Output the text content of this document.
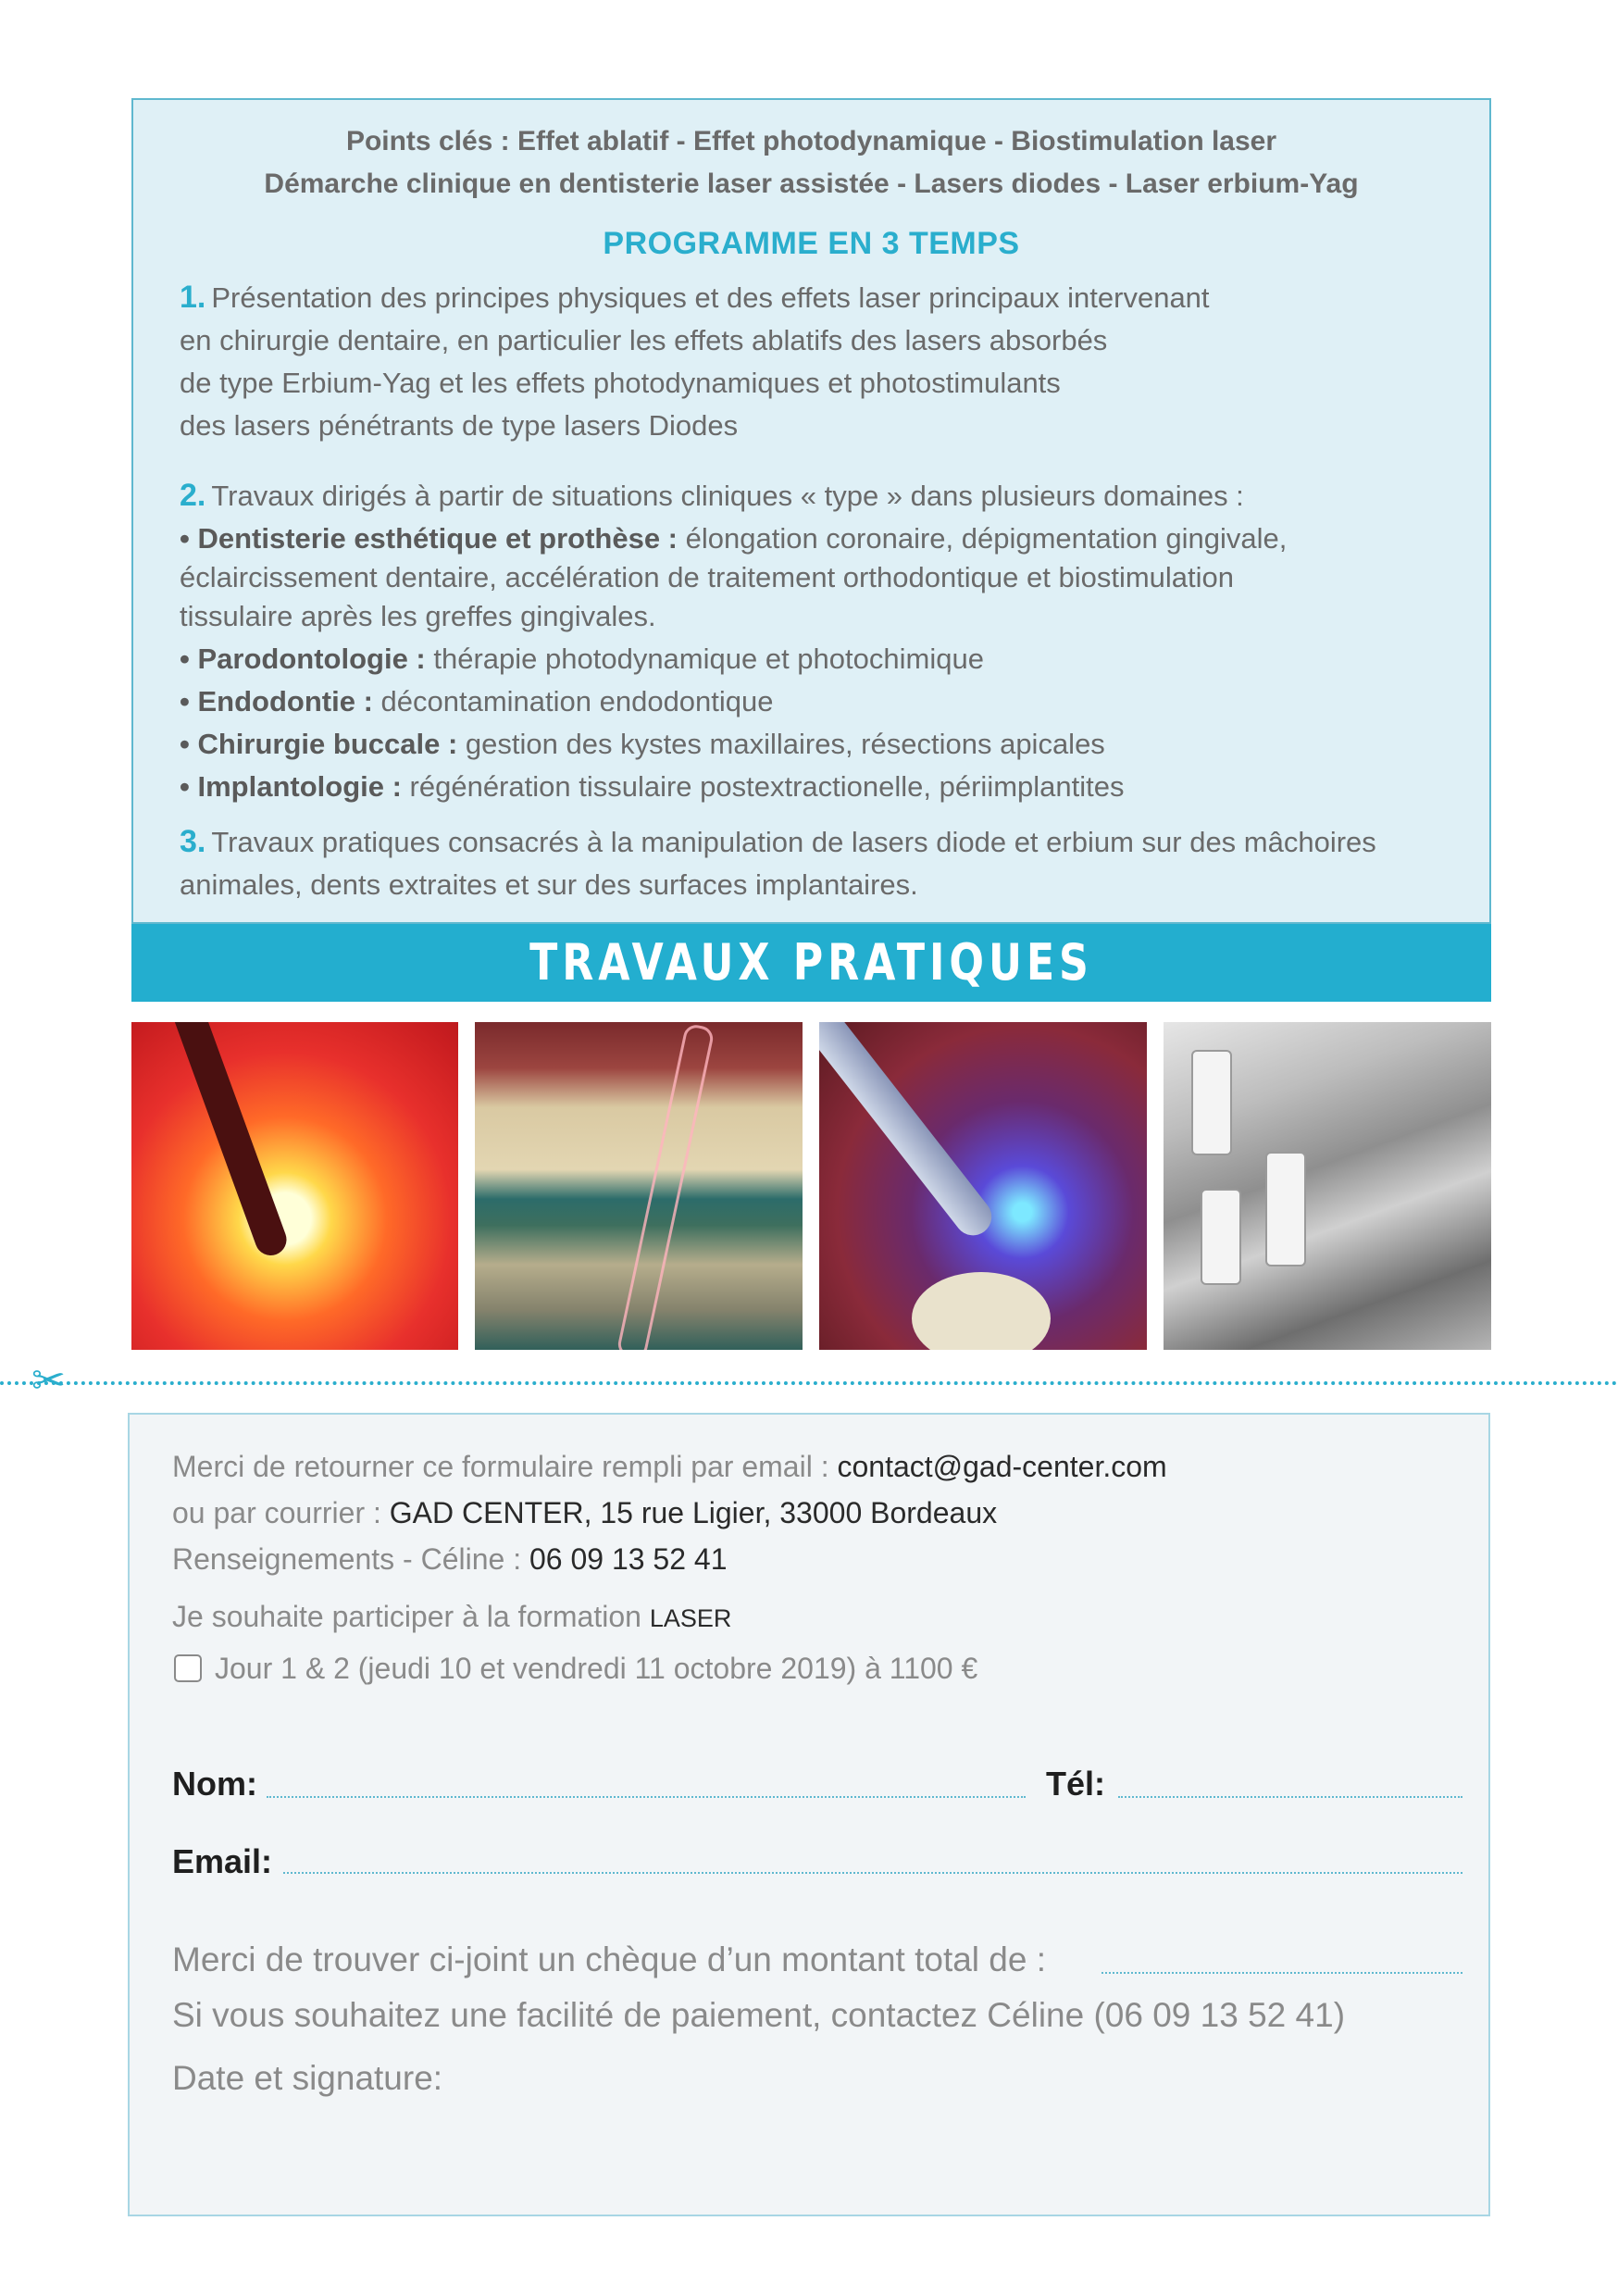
Points clés : Effet ablatif - Effet photodynamique - Biostimulation laser
Démarche clinique en dentisterie laser assistée - Lasers diodes - Laser erbium-Yag
PROGRAMME EN 3 TEMPS
1. Présentation des principes physiques et des effets laser principaux intervenant
en chirurgie dentaire, en particulier les effets ablatifs des lasers absorbés
de type Erbium-Yag et les effets photodynamiques et photostimulants
des lasers pénétrants de type lasers Diodes
2. Travaux dirigés à partir de situations cliniques « type » dans plusieurs domaines :
• Dentisterie esthétique et prothèse : élongation coronaire, dépigmentation gingivale,
éclaircissement dentaire, accélération de traitement orthodontique et biostimulation
tissulaire après les greffes gingivales.
• Parodontologie : thérapie photodynamique et photochimique
• Endodontie : décontamination endodontique
• Chirurgie buccale : gestion des kystes maxillaires, résections apicales
• Implantologie : régénération tissulaire postextractionelle, périimplantites
3. Travaux pratiques consacrés à la manipulation de lasers diode et erbium sur des mâchoires
animales, dents extraites et sur des surfaces implantaires.
TRAVAUX PRATIQUES
✂
Merci de retourner ce formulaire rempli par email : contact@gad-center.com
ou par courrier : GAD CENTER, 15 rue Ligier, 33000 Bordeaux
Renseignements - Céline : 06 09 13 52 41
Je souhaite participer à la formation LASER
Jour 1 & 2 (jeudi 10 et vendredi 11 octobre 2019) à 1100 €
Nom:	Tél:
Email:
Merci de trouver ci-joint un chèque d’un montant total de :
Si vous souhaitez une facilité de paiement, contactez Céline (06 09 13 52 41)
Date et signature:
